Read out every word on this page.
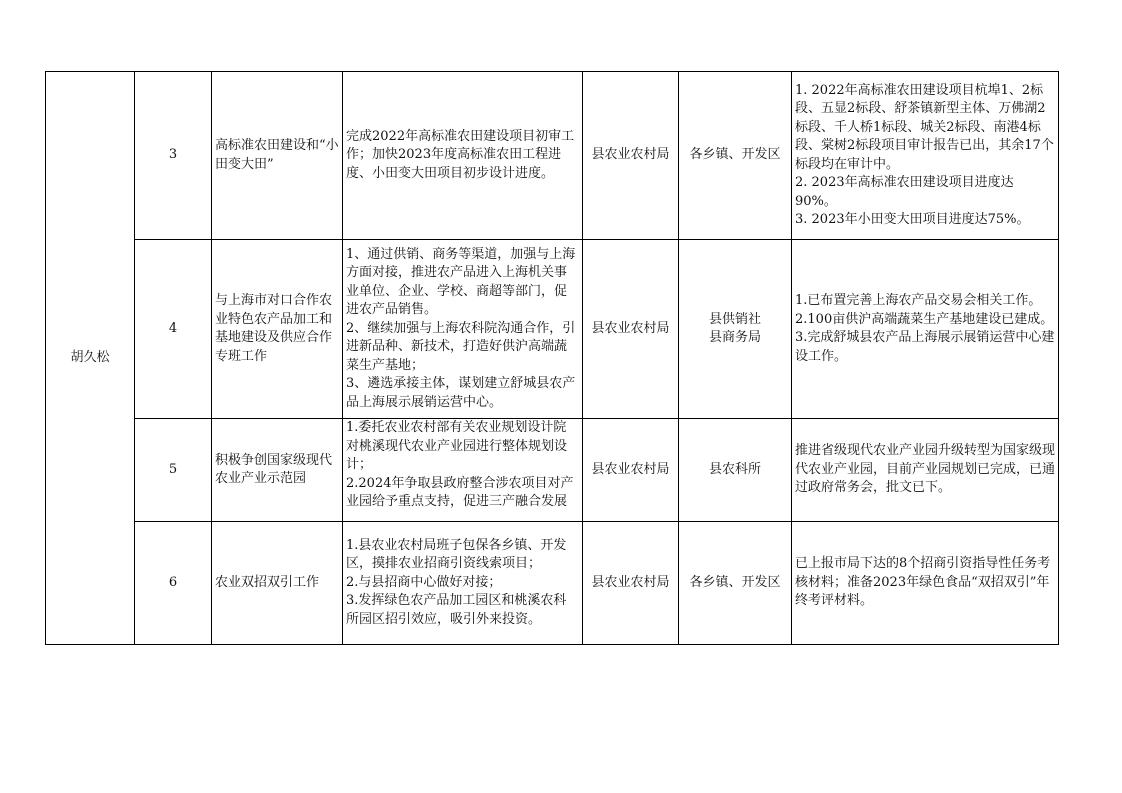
胡久松	3	高标准农田建设和“小田变大田”	完成2022年高标准农田建设项目初审工作；加快2023年度高标准农田工程进度、小田变大田项目初步设计进度。	县农业农村局	各乡镇、开发区	1. 2022年高标准农田建设项目杭埠1、2标段、五显2标段、舒茶镇新型主体、万佛湖2标段、千人桥1标段、城关2标段、南港4标段、棠树2标段项目审计报告已出，其余17个标段均在审计中。
2. 2023年高标准农田建设项目进度达90%。
3. 2023年小田变大田项目进度达75%。

	4	与上海市对口合作农业特色农产品加工和基地建设及供应合作专班工作	1、通过供销、商务等渠道，加强与上海方面对接，推进农产品进入上海机关事业单位、企业、学校、商超等部门，促进农产品销售。
2、继续加强与上海农科院沟通合作，引进新品种、新技术，打造好供沪高端蔬菜生产基地；
3、遴选承接主体，谋划建立舒城县农产品上海展示展销运营中心。	县农业农村局	县供销社
县商务局	1.已布置完善上海农产品交易会相关工作。
2.100亩供沪高端蔬菜生产基地建设已建成。
3.完成舒城县农产品上海展示展销运营中心建设工作。

	5	积极争创国家级现代农业产业示范园	1.委托农业农村部有关农业规划设计院对桃溪现代农业产业园进行整体规划设计；
2.2024年争取县政府整合涉农项目对产业园给予重点支持，促进三产融合发展	县农业农村局	县农科所	推进省级现代农业产业园升级转型为国家级现代农业产业园，目前产业园规划已完成，已通过政府常务会，批文已下。

	6	农业双招双引工作	1.县农业农村局班子包保各乡镇、开发区，摸排农业招商引资线索项目；
2.与县招商中心做好对接；
3.发挥绿色农产品加工园区和桃溪农科所园区招引效应，吸引外来投资。	县农业农村局	各乡镇、开发区	已上报市局下达的8个招商引资指导性任务考核材料；准备2023年绿色食品“双招双引”年终考评材料。
